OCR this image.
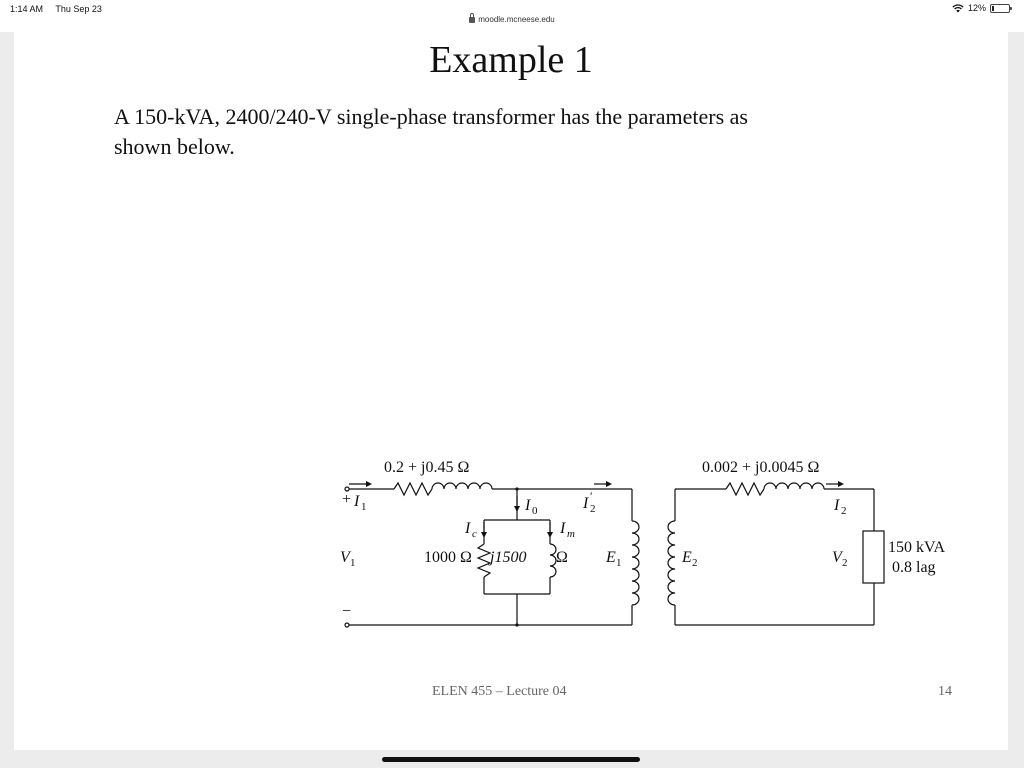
1:14 AM Thu Sep 23	12%
moodle.mcneese.edu
Example 1
A 150-kVA, 2400/240-V single-phase transformer has the parameters as
shown below.
0.2 + j0.45 Ω	0.002 + j0.0045 Ω
+ I 1
V 1
−
I 0	I 2
′
I c	I m
1000 Ω j1500 Ω E 1	E 2
I 2
V 2
150 kVA
0.8 lag
ELEN 455 – Lecture 04	14
